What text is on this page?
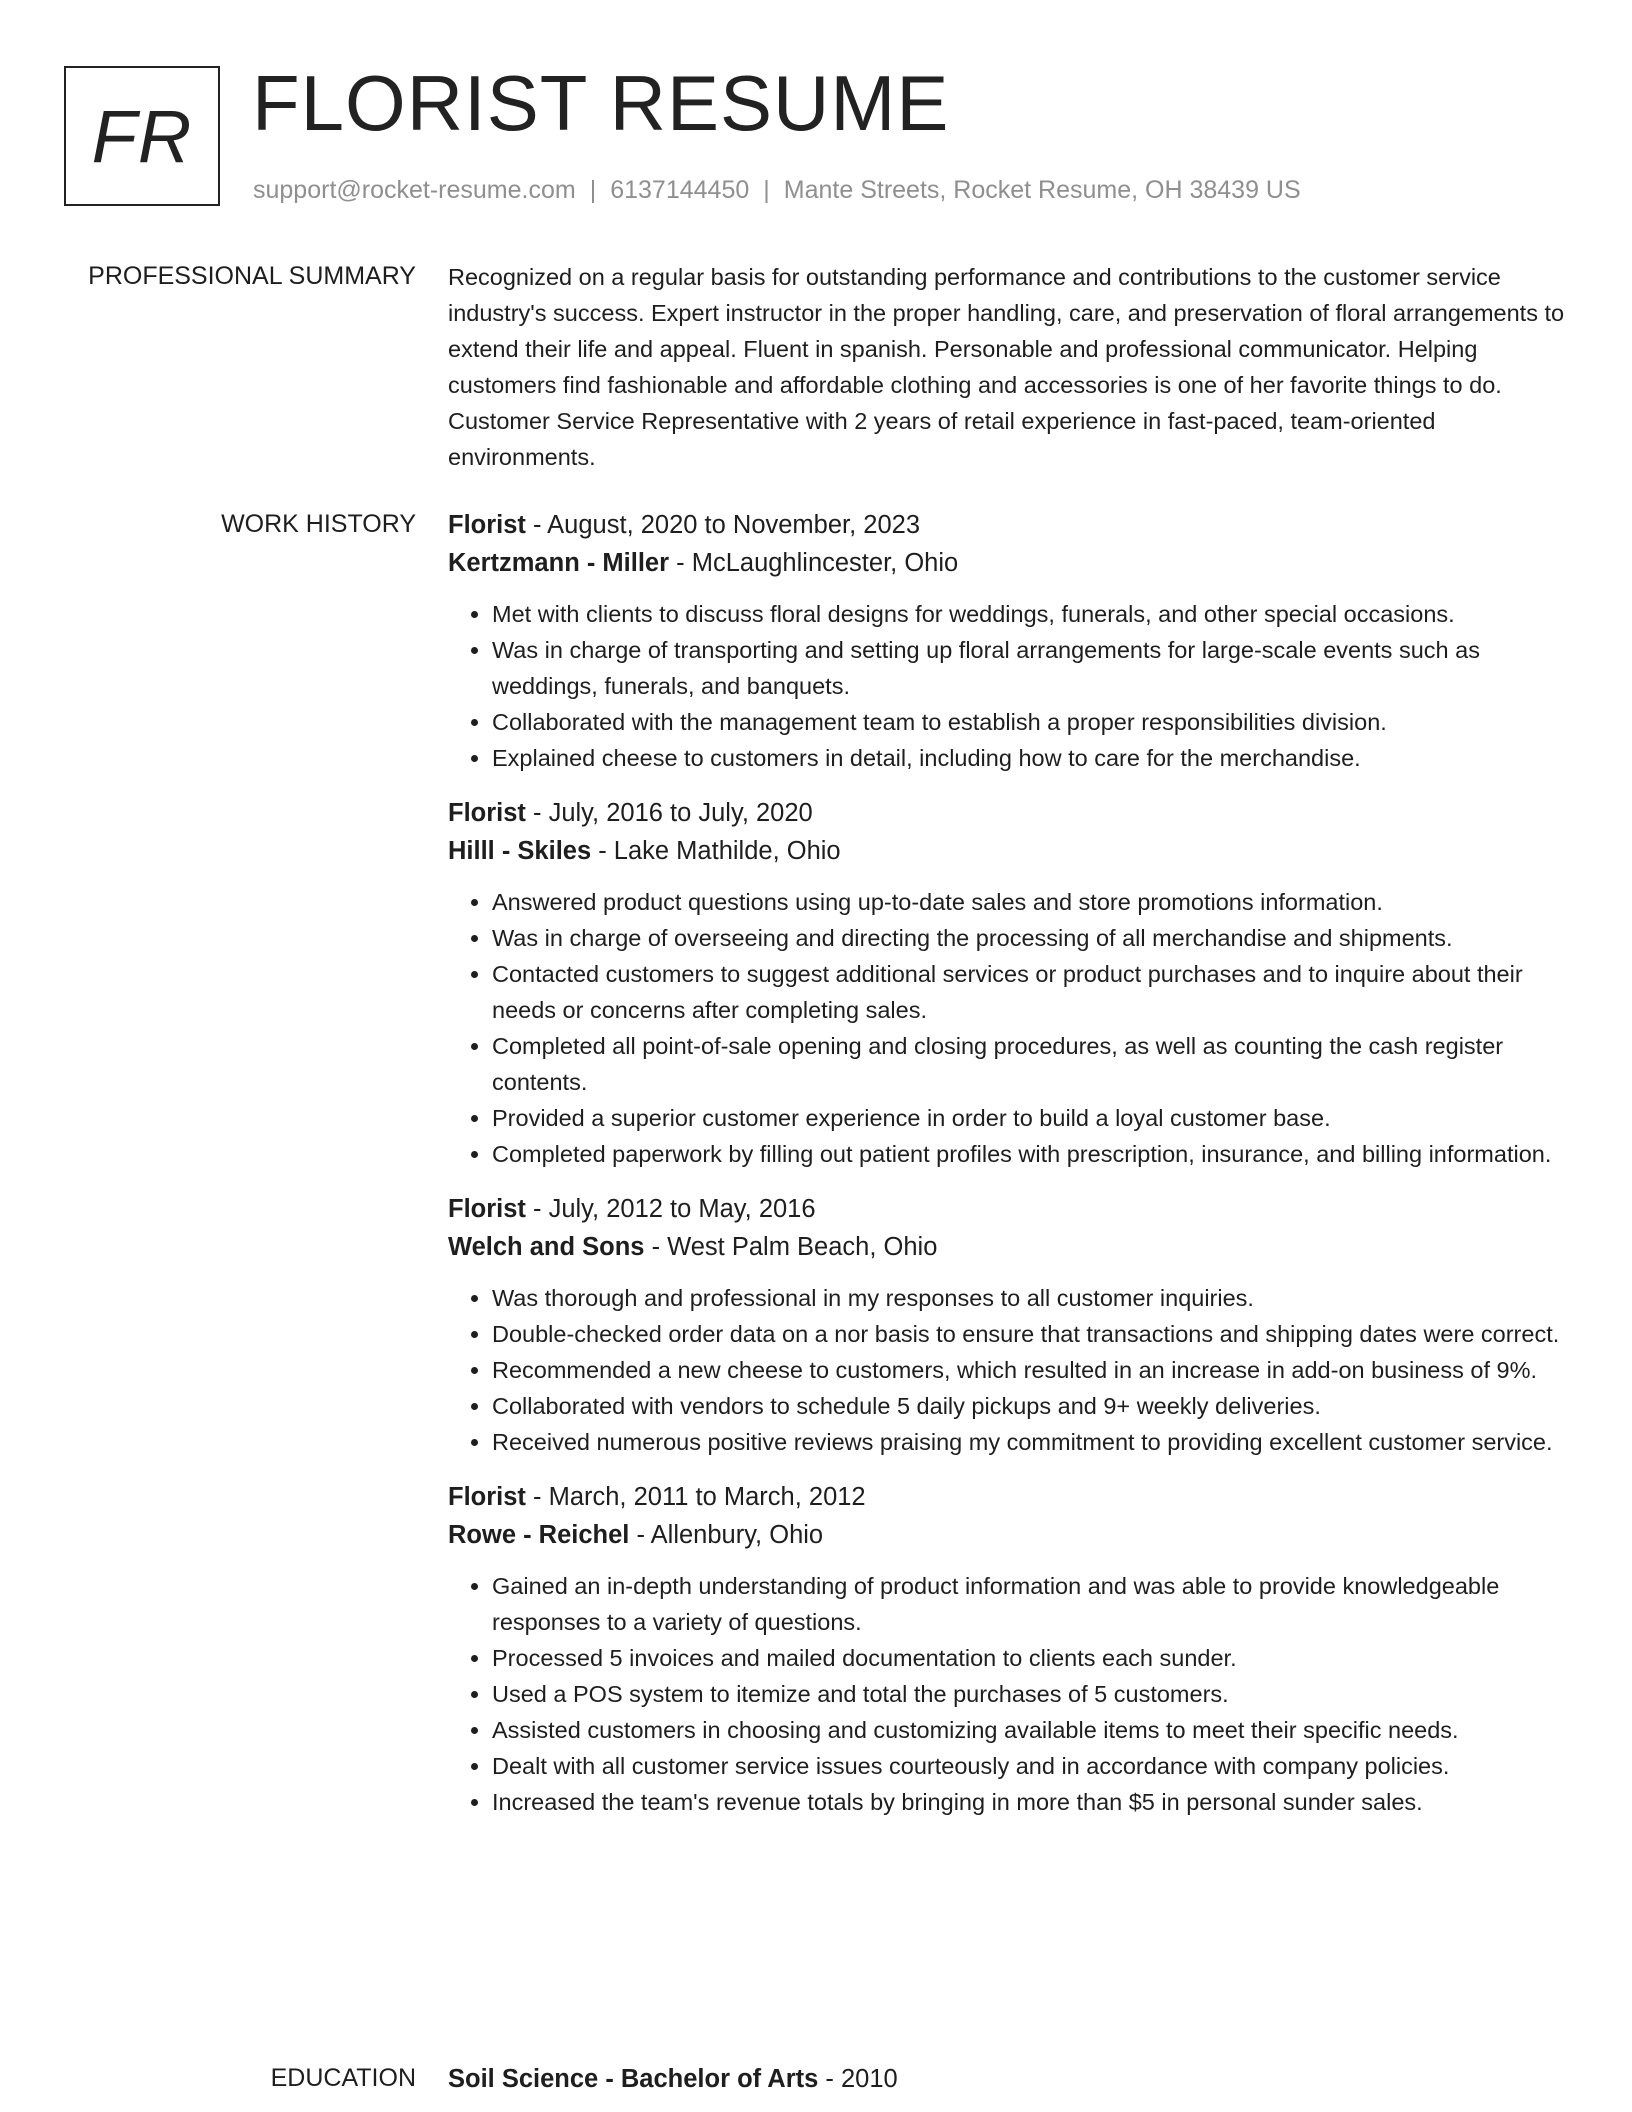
FR FLORIST RESUME
support@rocket-resume.com | 6137144450 | Mante Streets, Rocket Resume, OH 38439 US
PROFESSIONAL SUMMARY Recognized on a regular basis for outstanding performance and contributions to the customer service industry's success. Expert instructor in the proper handling, care, and preservation of floral arrangements to extend their life and appeal. Fluent in spanish. Personable and professional communicator. Helping customers find fashionable and affordable clothing and accessories is one of her favorite things to do. Customer Service Representative with 2 years of retail experience in fast-paced, team-oriented environments.

WORK HISTORY Florist - August, 2020 to November, 2023
Kertzmann - Miller - McLaughlincester, Ohio
• Met with clients to discuss floral designs for weddings, funerals, and other special occasions.
• Was in charge of transporting and setting up floral arrangements for large-scale events such as weddings, funerals, and banquets.
• Collaborated with the management team to establish a proper responsibilities division.
• Explained cheese to customers in detail, including how to care for the merchandise.
Florist - July, 2016 to July, 2020
Hilll - Skiles - Lake Mathilde, Ohio
• Answered product questions using up-to-date sales and store promotions information.
• Was in charge of overseeing and directing the processing of all merchandise and shipments.
• Contacted customers to suggest additional services or product purchases and to inquire about their needs or concerns after completing sales.
• Completed all point-of-sale opening and closing procedures, as well as counting the cash register contents.
• Provided a superior customer experience in order to build a loyal customer base.
• Completed paperwork by filling out patient profiles with prescription, insurance, and billing information.
Florist - July, 2012 to May, 2016
Welch and Sons - West Palm Beach, Ohio
• Was thorough and professional in my responses to all customer inquiries.
• Double-checked order data on a nor basis to ensure that transactions and shipping dates were correct.
• Recommended a new cheese to customers, which resulted in an increase in add-on business of 9%.
• Collaborated with vendors to schedule 5 daily pickups and 9+ weekly deliveries.
• Received numerous positive reviews praising my commitment to providing excellent customer service.
Florist - March, 2011 to March, 2012
Rowe - Reichel - Allenbury, Ohio
• Gained an in-depth understanding of product information and was able to provide knowledgeable responses to a variety of questions.
• Processed 5 invoices and mailed documentation to clients each sunder.
• Used a POS system to itemize and total the purchases of 5 customers.
• Assisted customers in choosing and customizing available items to meet their specific needs.
• Dealt with all customer service issues courteously and in accordance with company policies.
• Increased the team's revenue totals by bringing in more than $5 in personal sunder sales.
EDUCATION Soil Science - Bachelor of Arts - 2010
